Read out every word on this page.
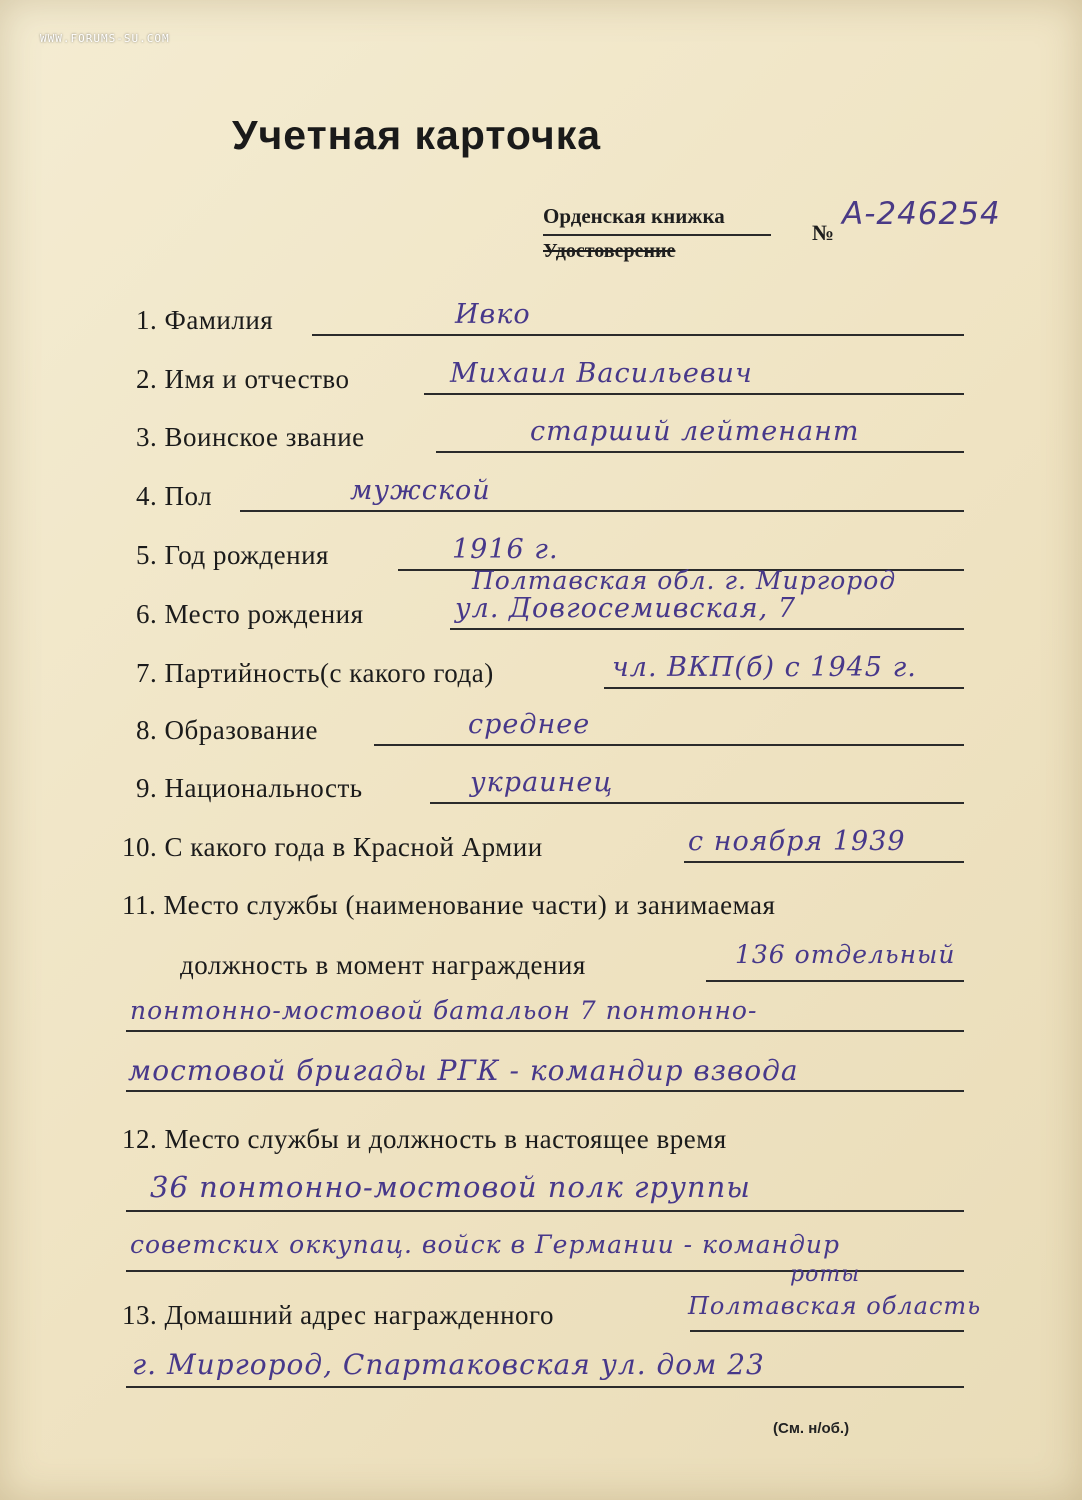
WWW.FORUMS-SU.COM
Учетная карточка
Орденская книжка
Удостоверение
№
А-246254
1. Фамилия	Ивко
2. Имя и отчество	Михаил Васильевич
3. Воинское звание	старший лейтенант
4. Пол	мужской
5. Год рождения	1916 г.
6. Место рождения
Полтавская обл. г. Миргород
ул. Довгосемивская, 7
7. Партийность(с какого года)	чл. ВКП(б) с 1945 г.
8. Образование	среднее
9. Национальность	украинец
10. С какого года в Красной Армии	с ноября 1939
11. Место службы (наименование части) и занимаемая
должность в момент награждения	136 отдельный
понтонно-мостовой батальон 7 понтонно-
мостовой бригады РГК - командир взвода
12. Место службы и должность в настоящее время
36 понтонно-мостовой полк группы
советских оккупац. войск в Германии - командир
роты
13. Домашний адрес награжденного	Полтавская область
г. Миргород, Спартаковская ул. дом 23
(См. н/об.)
